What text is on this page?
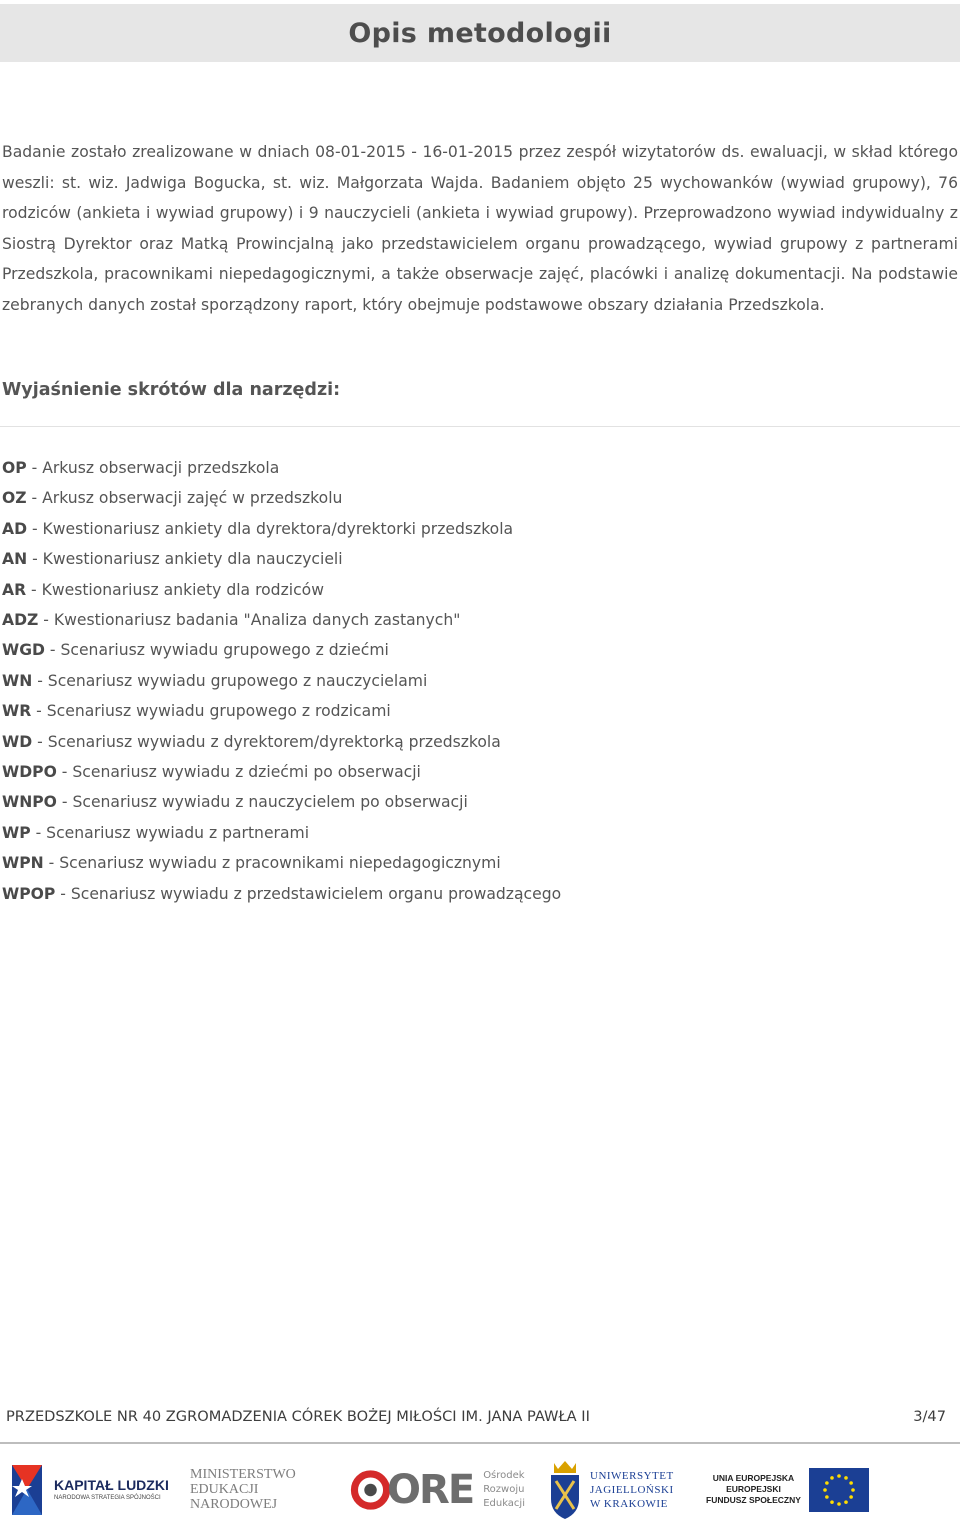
Opis metodologii

Badanie zostało zrealizowane w dniach 08-01-2015 - 16-01-2015 przez zespół wizytatorów ds. ewaluacji, w skład którego weszli: st. wiz. Jadwiga Bogucka, st. wiz. Małgorzata Wajda. Badaniem objęto 25 wychowanków (wywiad grupowy), 76 rodziców (ankieta i wywiad grupowy) i 9 nauczycieli (ankieta i wywiad grupowy). Przeprowadzono wywiad indywidualny z Siostrą Dyrektor oraz Matką Prowincjalną jako przedstawicielem organu prowadzącego, wywiad grupowy z partnerami Przedszkola, pracownikami niepedagogicznymi, a także obserwacje zajęć, placówki i analizę dokumentacji. Na podstawie zebranych danych został sporządzony raport, który obejmuje podstawowe obszary działania Przedszkola.

Wyjaśnienie skrótów dla narzędzi:
OP - Arkusz obserwacji przedszkola
OZ - Arkusz obserwacji zajęć w przedszkolu
AD - Kwestionariusz ankiety dla dyrektora/dyrektorki przedszkola
AN - Kwestionariusz ankiety dla nauczycieli
AR - Kwestionariusz ankiety dla rodziców
ADZ - Kwestionariusz badania "Analiza danych zastanych"
WGD - Scenariusz wywiadu grupowego z dziećmi
WN - Scenariusz wywiadu grupowego z nauczycielami
WR - Scenariusz wywiadu grupowego z rodzicami
WD - Scenariusz wywiadu z dyrektorem/dyrektorką przedszkola
WDPO - Scenariusz wywiadu z dziećmi po obserwacji
WNPO - Scenariusz wywiadu z nauczycielem po obserwacji
WP - Scenariusz wywiadu z partnerami
WPN - Scenariusz wywiadu z pracownikami niepedagogicznymi
WPOP - Scenariusz wywiadu z przedstawicielem organu prowadzącego
PRZEDSZKOLE NR 40 ZGROMADZENIA CÓREK BOŻEJ MIŁOŚCI IM. JANA PAWŁA II	3/47
KAPITAŁ LUDZKI
NARODOWA STRATEGIA SPÓJNOŚCI
MINISTERSTWO
EDUKACJI
NARODOWEJ	ORE Ośrodek
Rozwoju
Edukacji
UNIWERSYTET
JAGIELLOŃSKI
W KRAKOWIE
UNIA EUROPEJSKA
EUROPEJSKI
FUNDUSZ SPOŁECZNY
